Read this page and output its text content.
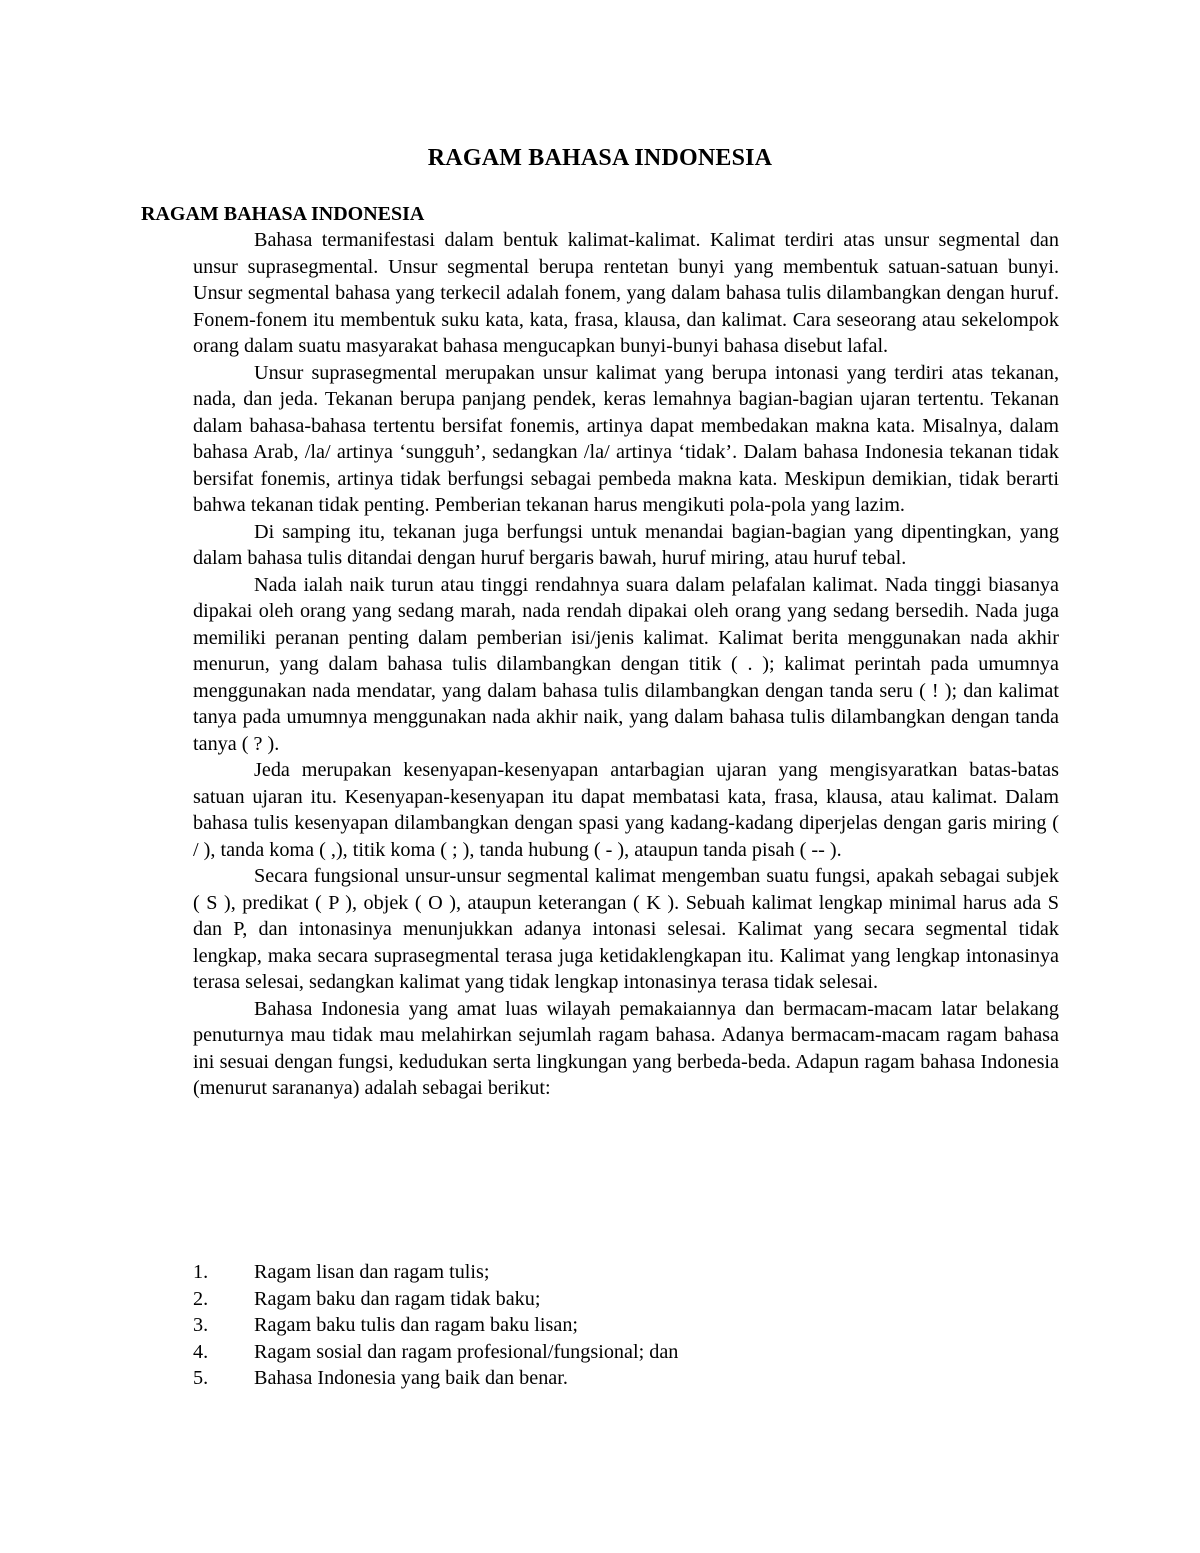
RAGAM BAHASA INDONESIA
RAGAM BAHASA INDONESIA

Bahasa termanifestasi dalam bentuk kalimat-kalimat. Kalimat terdiri atas unsur segmental dan unsur suprasegmental. Unsur segmental berupa rentetan bunyi yang membentuk satuan-satuan bunyi. Unsur segmental bahasa yang terkecil adalah fonem, yang dalam bahasa tulis dilambangkan dengan huruf. Fonem-fonem itu membentuk suku kata, kata, frasa, klausa, dan kalimat. Cara seseorang atau sekelompok orang dalam suatu masyarakat bahasa mengucapkan bunyi-bunyi bahasa disebut lafal.

Unsur suprasegmental merupakan unsur kalimat yang berupa intonasi yang terdiri atas tekanan, nada, dan jeda. Tekanan berupa panjang pendek, keras lemahnya bagian-bagian ujaran tertentu. Tekanan dalam bahasa-bahasa tertentu bersifat fonemis, artinya dapat membedakan makna kata. Misalnya, dalam bahasa Arab, /la/ artinya ‘sungguh’, sedangkan /la/ artinya ‘tidak’. Dalam bahasa Indonesia tekanan tidak bersifat fonemis, artinya tidak berfungsi sebagai pembeda makna kata. Meskipun demikian, tidak berarti bahwa tekanan tidak penting. Pemberian tekanan harus mengikuti pola-pola yang lazim.

Di samping itu, tekanan juga berfungsi untuk menandai bagian-bagian yang dipentingkan, yang dalam bahasa tulis ditandai dengan huruf bergaris bawah, huruf miring, atau huruf tebal.

Nada ialah naik turun atau tinggi rendahnya suara dalam pelafalan kalimat. Nada tinggi biasanya dipakai oleh orang yang sedang marah, nada rendah dipakai oleh orang yang sedang bersedih. Nada juga memiliki peranan penting dalam pemberian isi/jenis kalimat. Kalimat berita menggunakan nada akhir menurun, yang dalam bahasa tulis dilambangkan dengan titik ( . ); kalimat perintah pada umumnya menggunakan nada mendatar, yang dalam bahasa tulis dilambangkan dengan tanda seru ( ! ); dan kalimat tanya pada umumnya menggunakan nada akhir naik, yang dalam bahasa tulis dilambangkan dengan tanda tanya ( ? ).

Jeda merupakan kesenyapan-kesenyapan antarbagian ujaran yang mengisyaratkan batas-batas satuan ujaran itu. Kesenyapan-kesenyapan itu dapat membatasi kata, frasa, klausa, atau kalimat. Dalam bahasa tulis kesenyapan dilambangkan dengan spasi yang kadang-kadang diperjelas dengan garis miring ( / ), tanda koma ( ,), titik koma ( ; ), tanda hubung ( - ), ataupun tanda pisah ( -- ).

Secara fungsional unsur-unsur segmental kalimat mengemban suatu fungsi, apakah sebagai subjek ( S ), predikat ( P ), objek ( O ), ataupun keterangan ( K ). Sebuah kalimat lengkap minimal harus ada S dan P, dan intonasinya menunjukkan adanya intonasi selesai. Kalimat yang secara segmental tidak lengkap, maka secara suprasegmental terasa juga ketidaklengkapan itu. Kalimat yang lengkap intonasinya terasa selesai, sedangkan kalimat yang tidak lengkap intonasinya terasa tidak selesai.

Bahasa Indonesia yang amat luas wilayah pemakaiannya dan bermacam-macam latar belakang penuturnya mau tidak mau melahirkan sejumlah ragam bahasa. Adanya bermacam-macam ragam bahasa ini sesuai dengan fungsi, kedudukan serta lingkungan yang berbeda-beda. Adapun ragam bahasa Indonesia (menurut sarananya) adalah sebagai berikut:

1.	Ragam lisan dan ragam tulis;
2.	Ragam baku dan ragam tidak baku;
3.	Ragam baku tulis dan ragam baku lisan;
4.	Ragam sosial dan ragam profesional/fungsional; dan
5.	Bahasa Indonesia yang baik dan benar.
